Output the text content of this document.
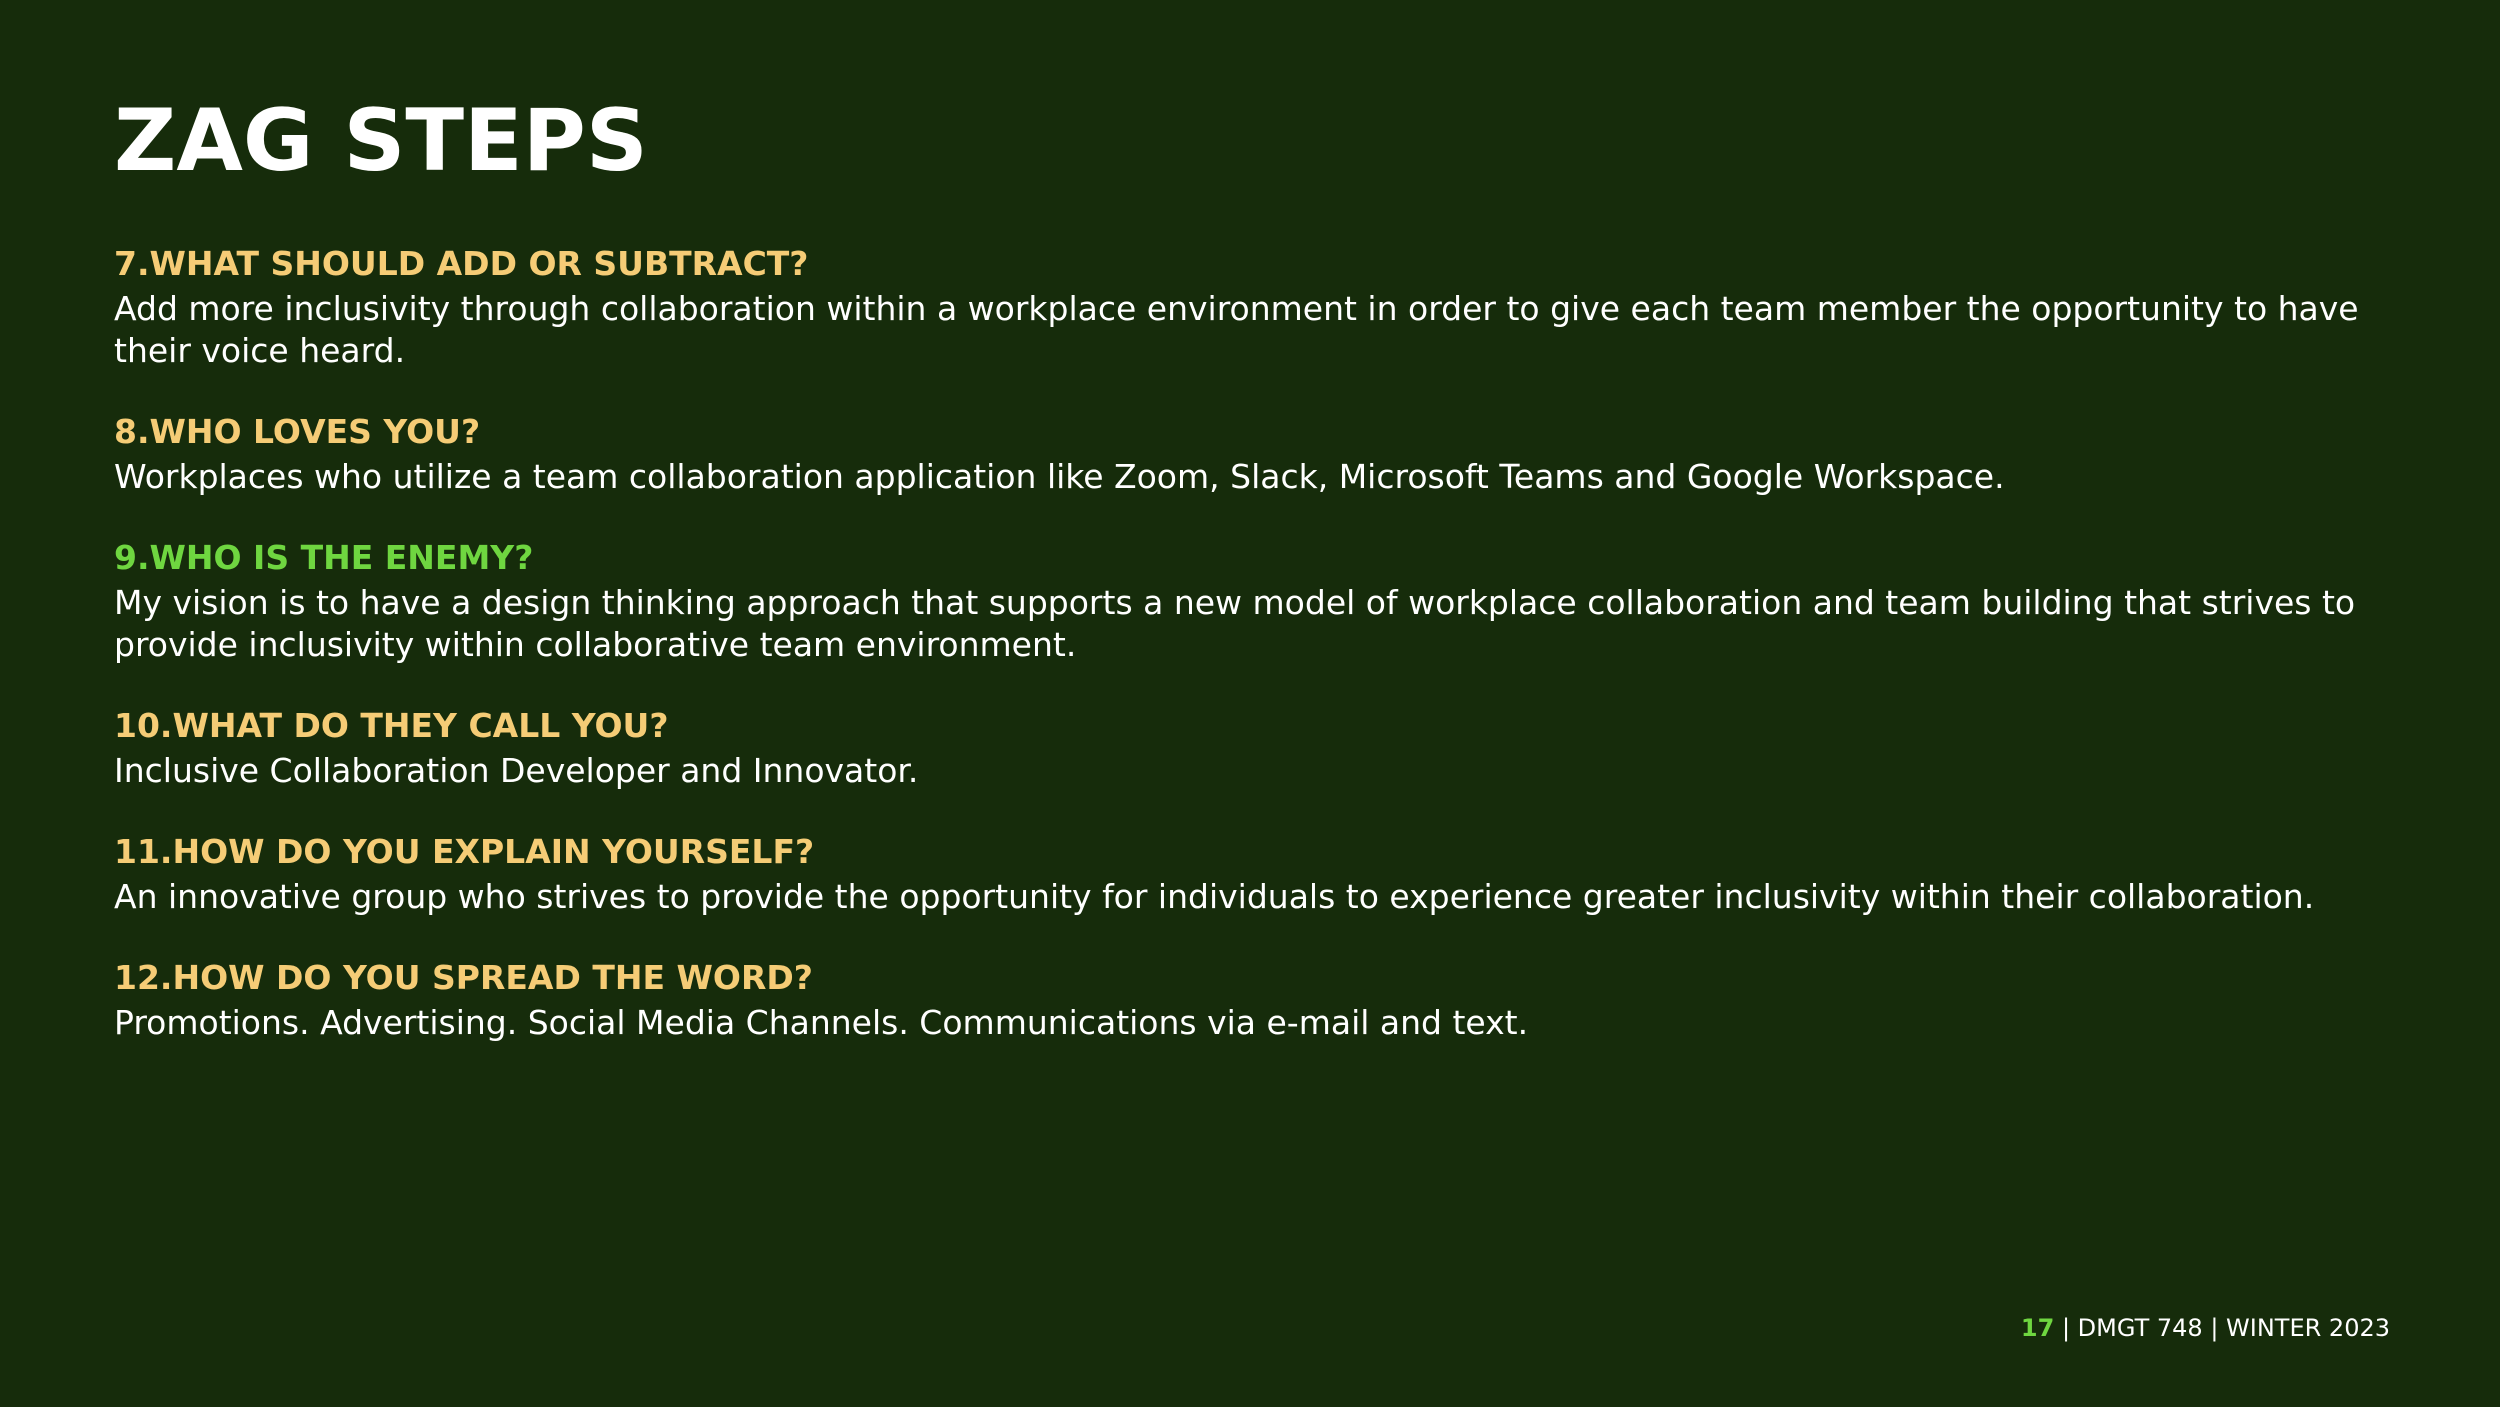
ZAG STEPS
7.WHAT SHOULD ADD OR SUBTRACT?
Add more inclusivity through collaboration within a workplace environment in order to give each team member the opportunity to have their voice heard.
8.WHO LOVES YOU?
Workplaces who utilize a team collaboration application like Zoom, Slack, Microsoft Teams and Google Workspace.
9.WHO IS THE ENEMY?
My vision is to have a design thinking approach that supports a new model of workplace collaboration and team building that strives to provide inclusivity within collaborative team environment.
10.WHAT DO THEY CALL YOU?
Inclusive Collaboration Developer and Innovator.
11.HOW DO YOU EXPLAIN YOURSELF?
An innovative group who strives to provide the opportunity for individuals to experience greater inclusivity within their collaboration.
12.HOW DO YOU SPREAD THE WORD?
Promotions. Advertising. Social Media Channels. Communications via e-mail and text.
17 | DMGT 748 | WINTER 2023
